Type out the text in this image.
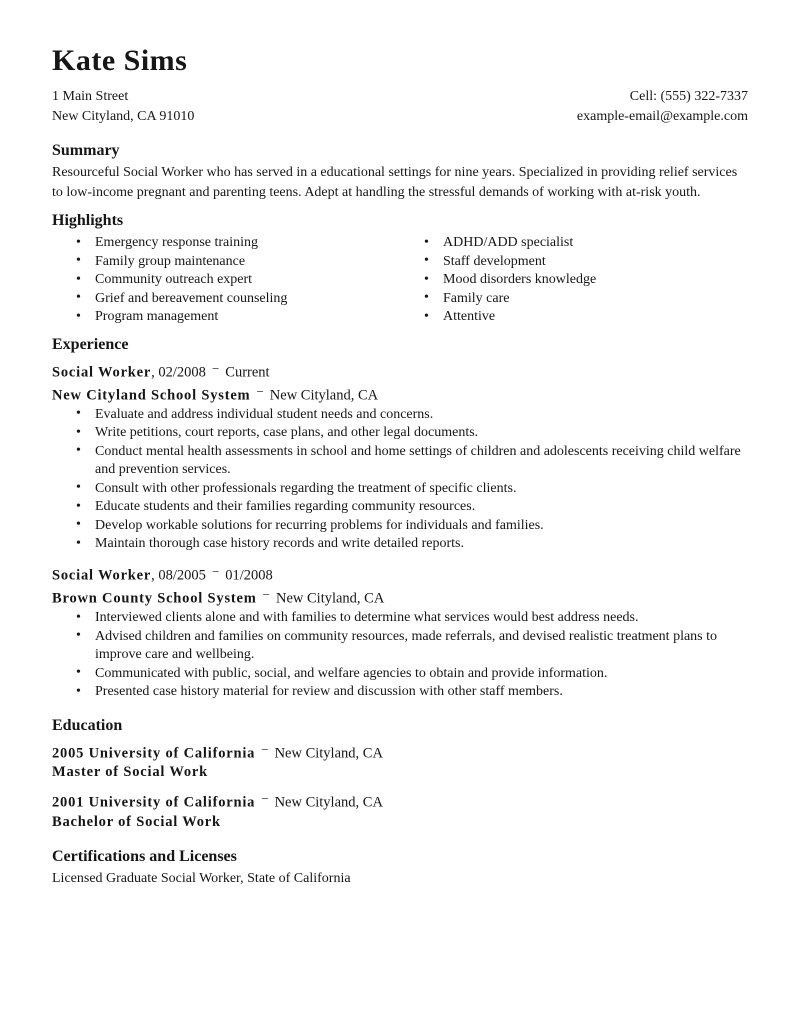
Kate Sims
1 Main Street
New Cityland, CA 91010
Cell: (555) 322-7337
example-email@example.com
Summary

Resourceful Social Worker who has served in a educational settings for nine years. Specialized in providing relief services to low-income pregnant and parenting teens. Adept at handling the stressful demands of working with at-risk youth.

Highlights
• Emergency response training
• Family group maintenance
• Community outreach expert
• Grief and bereavement counseling
• Program management
• ADHD/ADD specialist
• Staff development
• Mood disorders knowledge
• Family care
• Attentive
Experience
Social Worker, 02/2008 − Current
New Cityland School System − New Cityland, CA
• Evaluate and address individual student needs and concerns.
• Write petitions, court reports, case plans, and other legal documents.
• Conduct mental health assessments in school and home settings of children and adolescents receiving child welfare and prevention services.
• Consult with other professionals regarding the treatment of specific clients.
• Educate students and their families regarding community resources.
• Develop workable solutions for recurring problems for individuals and families.
• Maintain thorough case history records and write detailed reports.
Social Worker, 08/2005 − 01/2008
Brown County School System − New Cityland, CA
• Interviewed clients alone and with families to determine what services would best address needs.
• Advised children and families on community resources, made referrals, and devised realistic treatment plans to improve care and wellbeing.
• Communicated with public, social, and welfare agencies to obtain and provide information.
• Presented case history material for review and discussion with other staff members.
Education
2005 University of California − New Cityland, CA
Master of Social Work
2001 University of California − New Cityland, CA
Bachelor of Social Work
Certifications and Licenses

Licensed Graduate Social Worker, State of California
